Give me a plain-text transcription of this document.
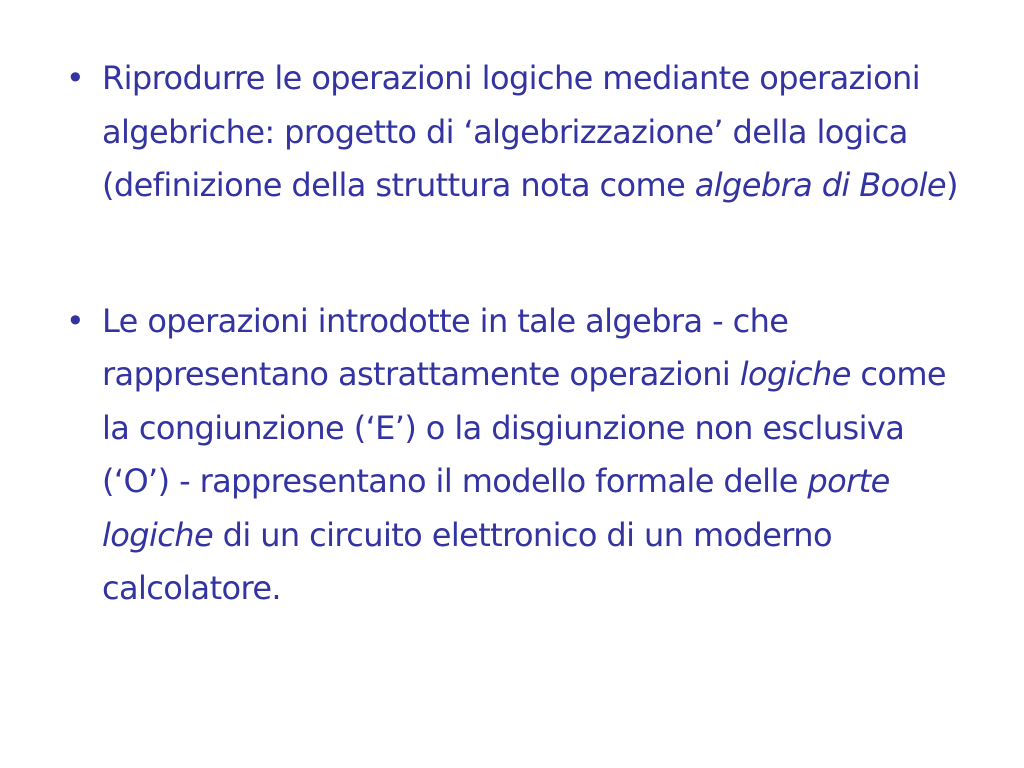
• Riprodurre le operazioni logiche mediante operazioni algebriche: progetto di ‘algebrizzazione’ della logica (definizione della struttura nota come algebra di Boole)
• Le operazioni introdotte in tale algebra - che rappresentano astrattamente operazioni logiche come la congiunzione (‘E’) o la disgiunzione non esclusiva (‘O’) - rappresentano il modello formale delle porte logiche di un circuito elettronico di un moderno calcolatore.
